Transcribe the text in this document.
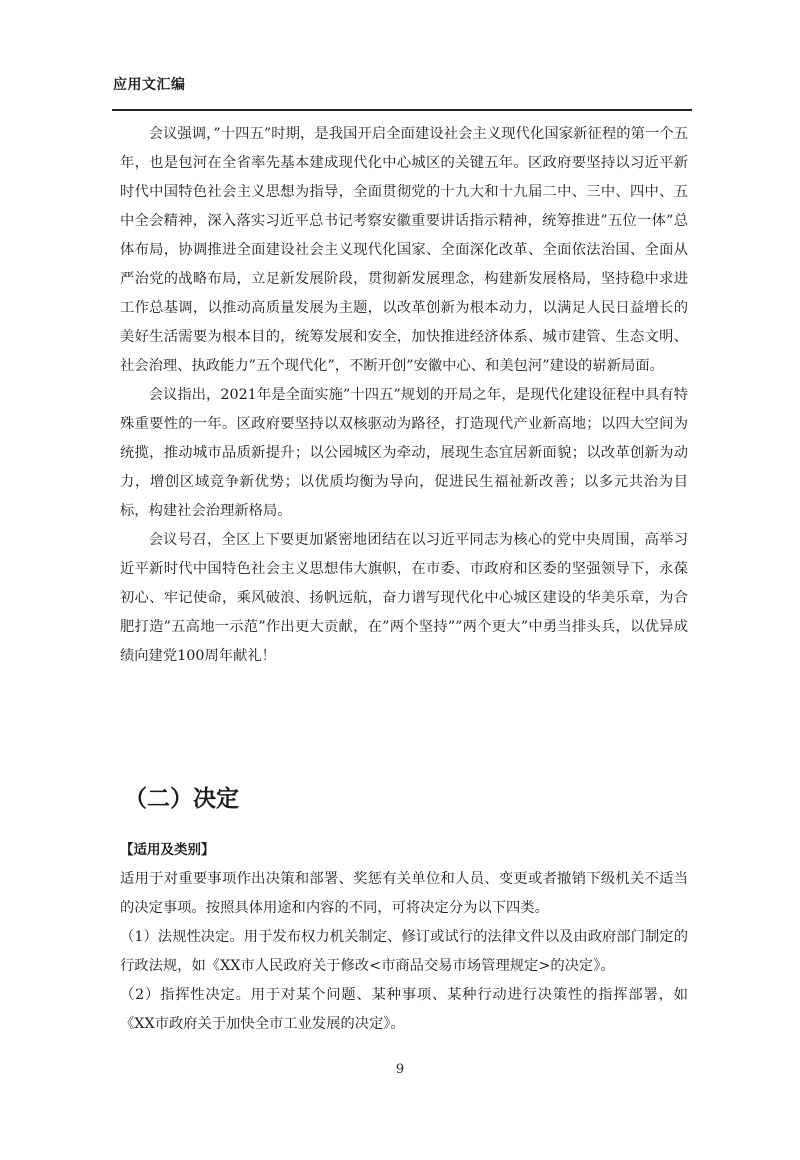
应用文汇编

会议强调，”十四五”时期，是我国开启全面建设社会主义现代化国家新征程的第一个五年，也是包河在全省率先基本建成现代化中心城区的关键五年。区政府要坚持以习近平新时代中国特色社会主义思想为指导，全面贯彻党的十九大和十九届二中、三中、四中、五中全会精神，深入落实习近平总书记考察安徽重要讲话指示精神，统筹推进”五位一体”总体布局，协调推进全面建设社会主义现代化国家、全面深化改革、全面依法治国、全面从严治党的战略布局，立足新发展阶段，贯彻新发展理念，构建新发展格局，坚持稳中求进工作总基调，以推动高质量发展为主题，以改革创新为根本动力，以满足人民日益增长的美好生活需要为根本目的，统筹发展和安全，加快推进经济体系、城市建管、生态文明、社会治理、执政能力”五个现代化”，不断开创”安徽中心、和美包河”建设的崭新局面。

会议指出，2021年是全面实施”十四五”规划的开局之年，是现代化建设征程中具有特殊重要性的一年。区政府要坚持以双核驱动为路径，打造现代产业新高地；以四大空间为统揽，推动城市品质新提升；以公园城区为牵动，展现生态宜居新面貌；以改革创新为动力，增创区域竞争新优势；以优质均衡为导向，促进民生福祉新改善；以多元共治为目标，构建社会治理新格局。

会议号召，全区上下要更加紧密地团结在以习近平同志为核心的党中央周围，高举习近平新时代中国特色社会主义思想伟大旗帜，在市委、市政府和区委的坚强领导下，永葆初心、牢记使命，乘风破浪、扬帆远航，奋力谱写现代化中心城区建设的华美乐章，为合肥打造”五高地一示范”作出更大贡献，在”两个坚持””两个更大”中勇当排头兵，以优异成绩向建党100周年献礼！

（二）决定

【适用及类别】

适用于对重要事项作出决策和部署、奖惩有关单位和人员、变更或者撤销下级机关不适当的决定事项。按照具体用途和内容的不同，可将决定分为以下四类。

（1）法规性决定。用于发布权力机关制定、修订或试行的法律文件以及由政府部门制定的行政法规，如《XX市人民政府关于修改<市商品交易市场管理规定>的决定》。

（2）指挥性决定。用于对某个问题、某种事项、某种行动进行决策性的指挥部署，如《XX市政府关于加快全市工业发展的决定》。

9
